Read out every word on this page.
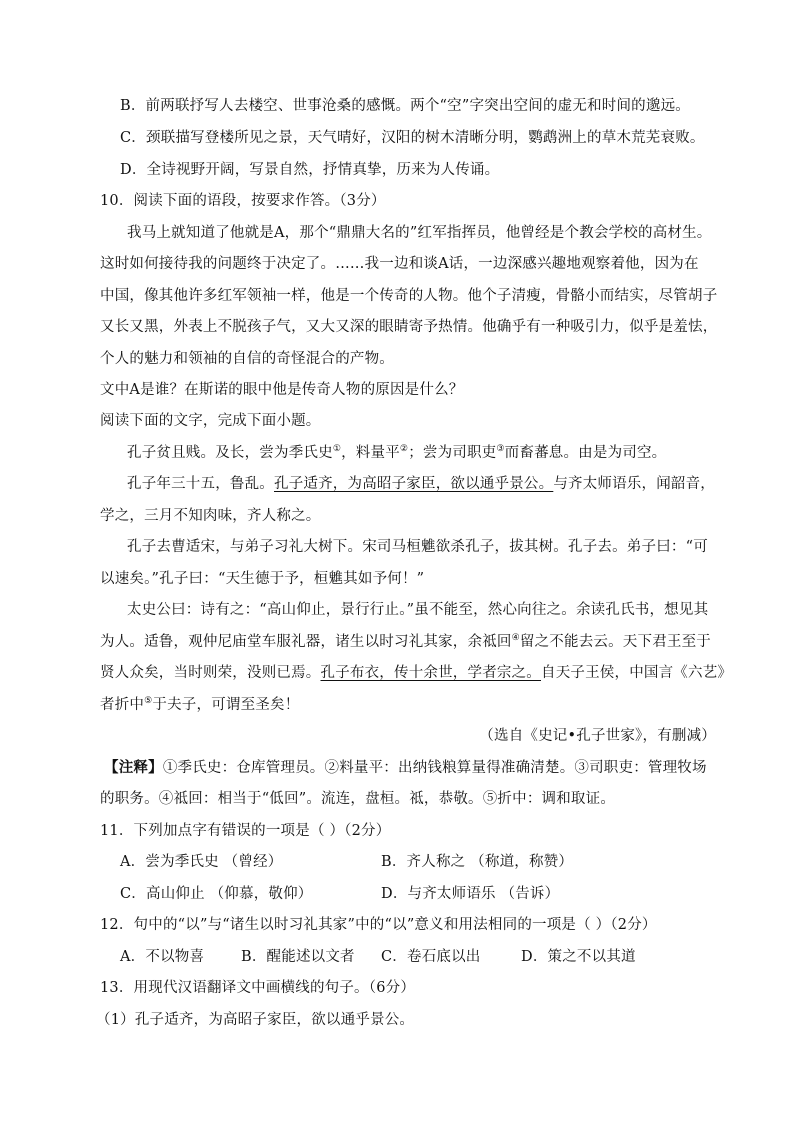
B．前两联抒写人去楼空、世事沧桑的感慨。两个“空”字突出空间的虚无和时间的邈远。
C．颈联描写登楼所见之景，天气晴好，汉阳的树木清晰分明，鹦鹉洲上的草木荒芜衰败。
D．全诗视野开阔，写景自然，抒情真挚，历来为人传诵。
10．阅读下面的语段，按要求作答。（3分）
我马上就知道了他就是A，那个“鼎鼎大名的”红军指挥员，他曾经是个教会学校的高材生。
这时如何接待我的问题终于决定了。……我一边和谈A话，一边深感兴趣地观察着他，因为在
中国，像其他许多红军领袖一样，他是一个传奇的人物。他个子清瘦，骨骼小而结实，尽管胡子
又长又黑，外表上不脱孩子气，又大又深的眼睛寄予热情。他确乎有一种吸引力，似乎是羞怯，
个人的魅力和领袖的自信的奇怪混合的产物。
文中A是谁？在斯诺的眼中他是传奇人物的原因是什么？
阅读下面的文字，完成下面小题。
孔子贫且贱。及长，尝为季氏史①，料量平②；尝为司职吏③而畜蕃息。由是为司空。
孔子年三十五，鲁乱。孔子适齐，为高昭子家臣，欲以通乎景公。与齐太师语乐，闻韶音，
学之，三月不知肉味，齐人称之。
孔子去曹适宋，与弟子习礼大树下。宋司马桓魋欲杀孔子，拔其树。孔子去。弟子曰：“可
以速矣。”孔子曰：“天生德于予，桓魋其如予何！”
太史公曰：诗有之：“高山仰止，景行行止。”虽不能至，然心向往之。余读孔氏书，想见其
为人。适鲁，观仲尼庙堂车服礼器，诸生以时习礼其家，余祗回④留之不能去云。天下君王至于
贤人众矣，当时则荣，没则已焉。孔子布衣，传十余世，学者宗之。自天子王侯，中国言《六艺》
者折中⑤于夫子，可谓至圣矣！
（选自《史记•孔子世家》，有删减）
【注释】①季氏史：仓库管理员。②料量平：出纳钱粮算量得准确清楚。③司职吏：管理牧场
的职务。④祗回：相当于“低回”。流连，盘桓。祗，恭敬。⑤折中：调和取证。
11．下列加点字有错误的一项是（ ）（2分）
A．尝为季氏史 （曾经）	B．齐人称之 （称道，称赞）
C．高山仰止 （仰慕，敬仰）	D．与齐太师语乐 （告诉）
12．句中的“以”与“诸生以时习礼其家”中的“以”意义和用法相同的一项是（ ）（2分）
A．不以物喜	B．醒能述以文者 C．卷石底以出	D．策之不以其道
13．用现代汉语翻译文中画横线的句子。（6分）
（1）孔子适齐，为高昭子家臣，欲以通乎景公。
